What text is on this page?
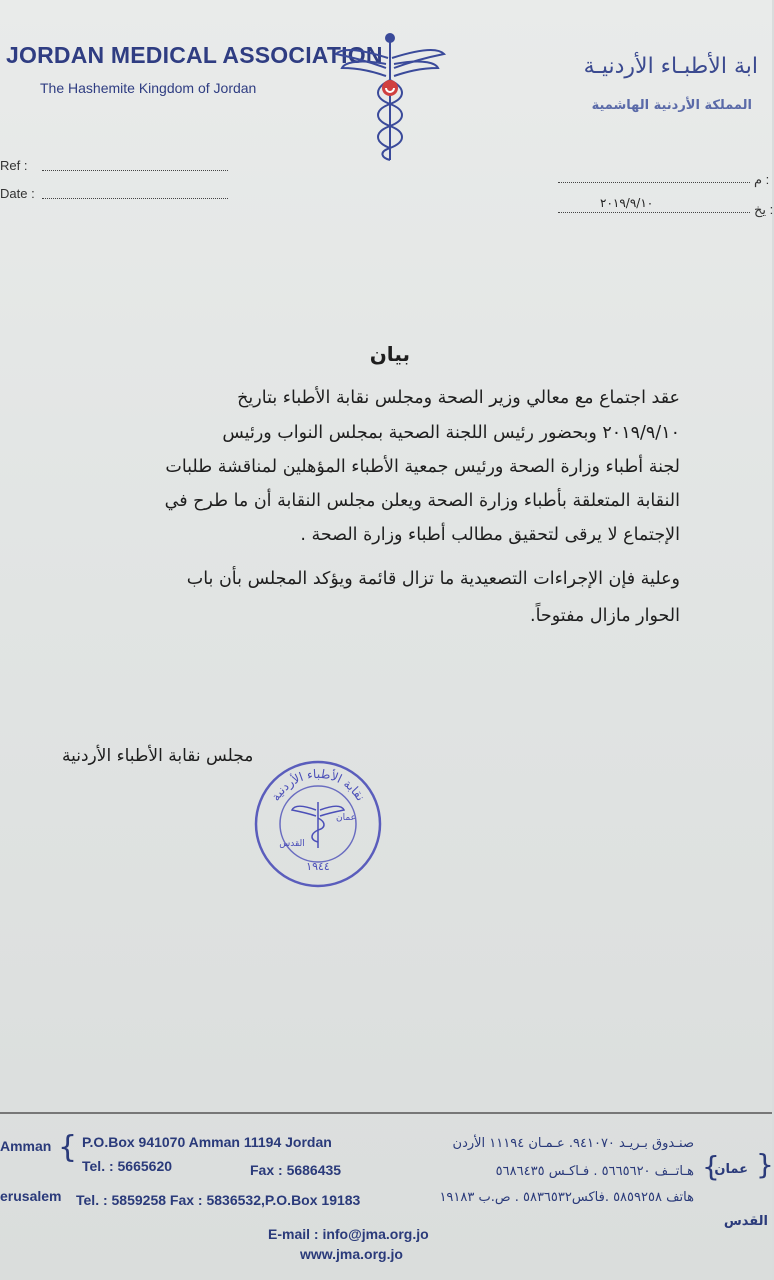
JORDAN MEDICAL ASSOCIATION
The Hashemite Kingdom of Jordan
ابة الأطبـاء الأردنيـة
المملكة الأردنية الهاشمية
Ref :
Date :
م :
٢٠١٩/٩/١٠	يخ :
بيان
عقد اجتماع مع معالي وزير الصحة ومجلس نقابة الأطباء بتاريخ
٢٠١٩/٩/١٠ وبحضور رئيس اللجنة الصحية بمجلس النواب ورئيس
لجنة أطباء وزارة الصحة ورئيس جمعية الأطباء المؤهلين لمناقشة طلبات
النقابة المتعلقة بأطباء وزارة الصحة ويعلن مجلس النقابة أن ما طرح في
الإجتماع لا يرقى لتحقيق مطالب أطباء وزارة الصحة .
وعلية فإن الإجراءات التصعيدية ما تزال قائمة ويؤكد المجلس بأن باب
الحوار مازال مفتوحاً.
مجلس نقابة الأطباء الأردنية
نقابة الأطباء الأردنية
القدس
عمان
١٩٤٤
Amman { P.O.Box 941070 Amman 11194 Jordan
Tel. : 5665620	Fax : 5686435
erusalem Tel. : 5859258 Fax : 5836532,P.O.Box 19183
E-mail : info@jma.org.jo
www.jma.org.jo
صنـدوق بـريـد ٩٤١٠٧٠. عـمـان ١١١٩٤ الأردن
هـاتــف ٥٦٦٥٦٢٠ . فـاكـس ٥٦٨٦٤٣٥ {
عمان }
هاتف ٥٨٥٩٢٥٨ .فاكس٥٨٣٦٥٣٢ . ص.ب ١٩١٨٣
القدس
